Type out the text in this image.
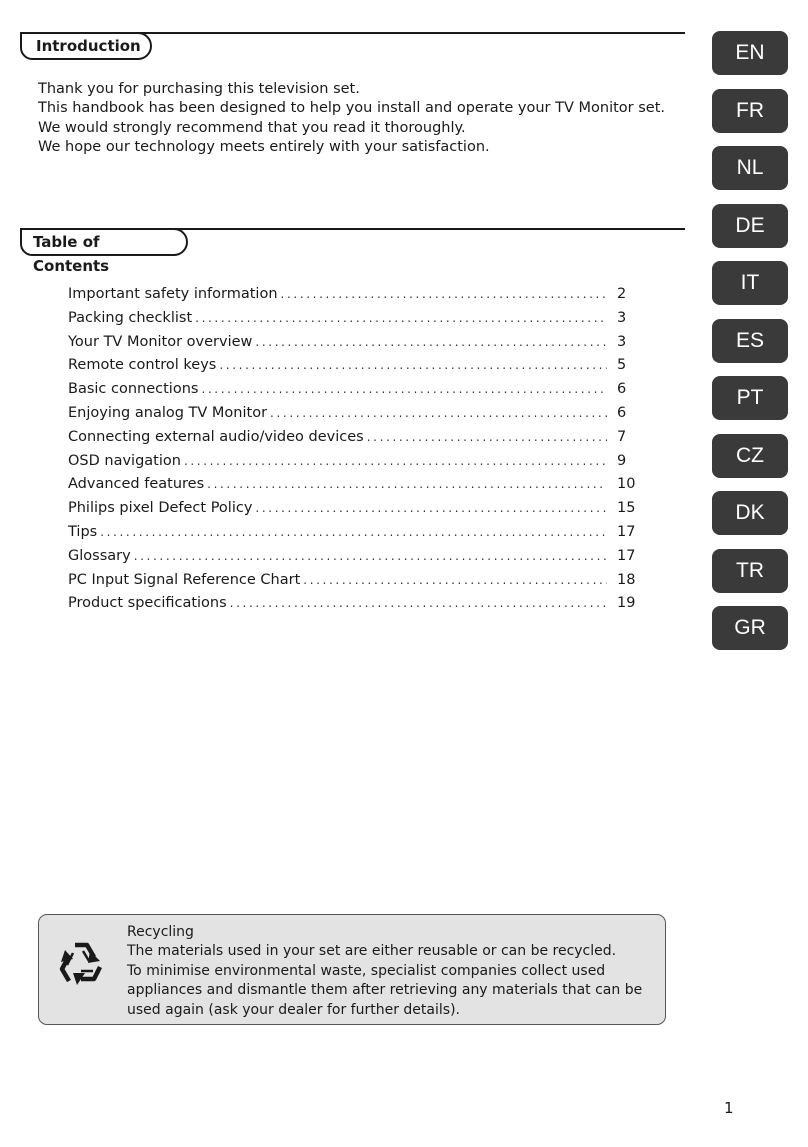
Introduction

Thank you for purchasing this television set.

This handbook has been designed to help you install and operate your TV Monitor set.

We would strongly recommend that you read it thoroughly.

We hope our technology meets entirely with your satisfaction.

Table of Contents
Important safety information . . .	2
Packing checklist . . .	3
Your TV Monitor overview . . .	3
Remote control keys . . .	5
Basic connections . . .	6
Enjoying analog TV Monitor . . .	6
Connecting external audio/video devices . . .	7
OSD navigation . . .	9
Advanced features . . .	10
Philips pixel Defect Policy . . .	15
Tips . . .	17
Glossary . . .	17
PC Input Signal Reference Chart . . .	18
Product specifications . . .	19
EN
FR
NL
DE
IT
ES
PT
CZ
DK
TR
GR

Recycling

The materials used in your set are either reusable or can be recycled.

To minimise environmental waste, specialist companies collect used appliances and dismantle them after retrieving any materials that can be used again (ask your dealer for further details).

1
